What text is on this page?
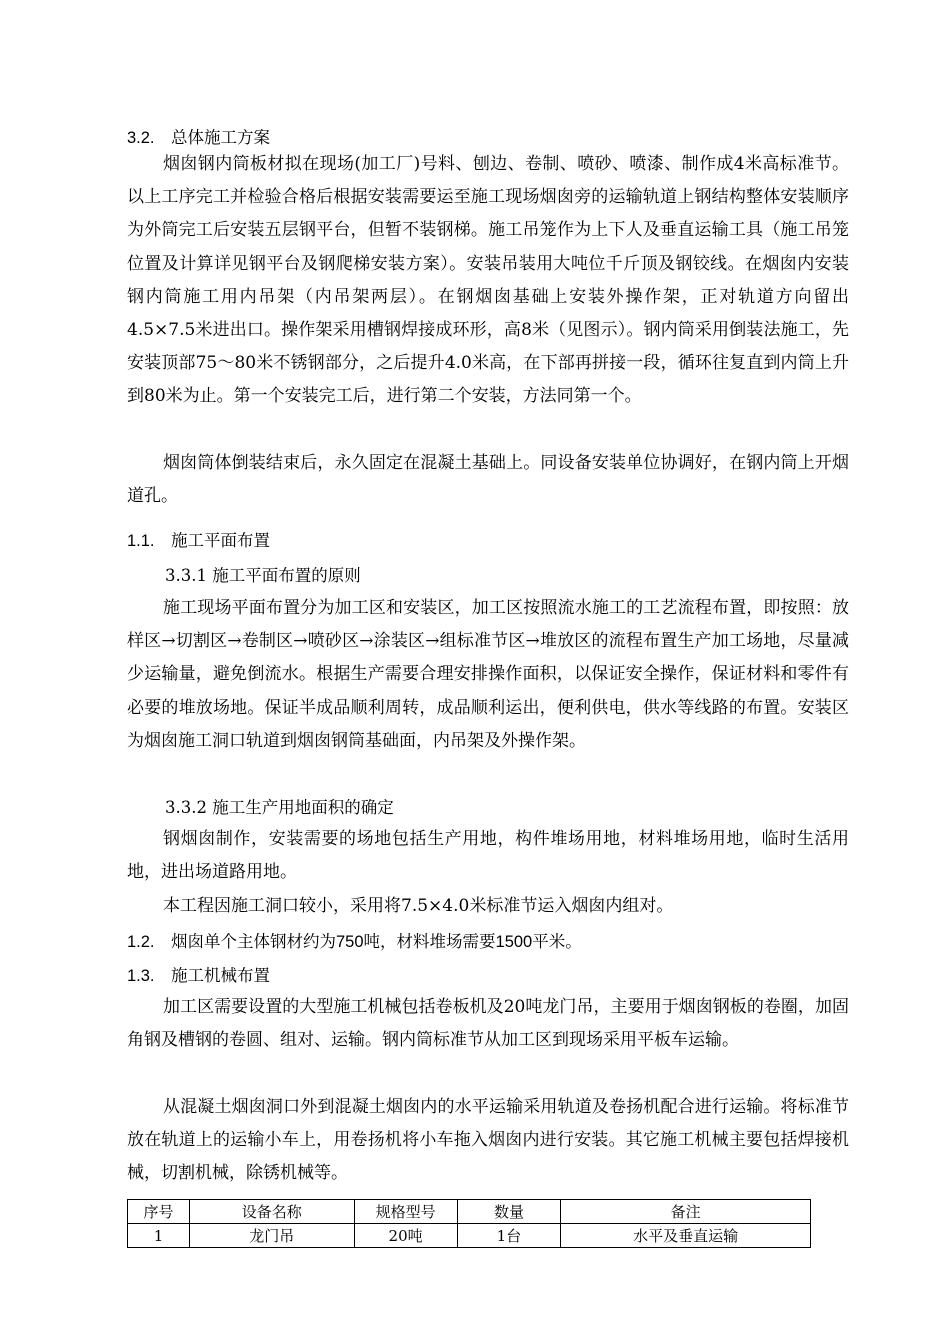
3.2. 总体施工方案

烟囱钢内筒板材拟在现场(加工厂)号料、刨边、卷制、喷砂、喷漆、制作成4米高标准节。以上工序完工并检验合格后根据安装需要运至施工现场烟囱旁的运输轨道上钢结构整体安装顺序为外筒完工后安装五层钢平台，但暂不装钢梯。施工吊笼作为上下人及垂直运输工具（施工吊笼位置及计算详见钢平台及钢爬梯安装方案）。安装吊装用大吨位千斤顶及钢铰线。在烟囱内安装钢内筒施工用内吊架（内吊架两层）。在钢烟囱基础上安装外操作架，正对轨道方向留出4.5×7.5米进出口。操作架采用槽钢焊接成环形，高8米（见图示）。钢内筒采用倒装法施工，先安装顶部75～80米不锈钢部分，之后提升4.0米高，在下部再拼接一段，循环往复直到内筒上升到80米为止。第一个安装完工后，进行第二个安装，方法同第一个。

烟囱筒体倒装结束后，永久固定在混凝土基础上。同设备安装单位协调好，在钢内筒上开烟道孔。

1.1. 施工平面布置
3.3.1 施工平面布置的原则

施工现场平面布置分为加工区和安装区，加工区按照流水施工的工艺流程布置，即按照：放样区→切割区→卷制区→喷砂区→涂装区→组标准节区→堆放区的流程布置生产加工场地，尽量减少运输量，避免倒流水。根据生产需要合理安排操作面积，以保证安全操作，保证材料和零件有必要的堆放场地。保证半成品顺利周转，成品顺利运出，便利供电，供水等线路的布置。安装区为烟囱施工洞口轨道到烟囱钢筒基础面，内吊架及外操作架。

3.3.2 施工生产用地面积的确定

钢烟囱制作，安装需要的场地包括生产用地，构件堆场用地，材料堆场用地，临时生活用地，进出场道路用地。

本工程因施工洞口较小，采用将7.5×4.0米标准节运入烟囱内组对。

1.2. 烟囱单个主体钢材约为750吨，材料堆场需要1500平米。
1.3. 施工机械布置

加工区需要设置的大型施工机械包括卷板机及20吨龙门吊，主要用于烟囱钢板的卷圈，加固角钢及槽钢的卷圆、组对、运输。钢内筒标准节从加工区到现场采用平板车运输。

从混凝土烟囱洞口外到混凝土烟囱内的水平运输采用轨道及卷扬机配合进行运输。将标准节放在轨道上的运输小车上，用卷扬机将小车拖入烟囱内进行安装。其它施工机械主要包括焊接机械，切割机械，除锈机械等。

序号	设备名称	规格型号	数量	备注
1	龙门吊	20吨	1台	水平及垂直运输
